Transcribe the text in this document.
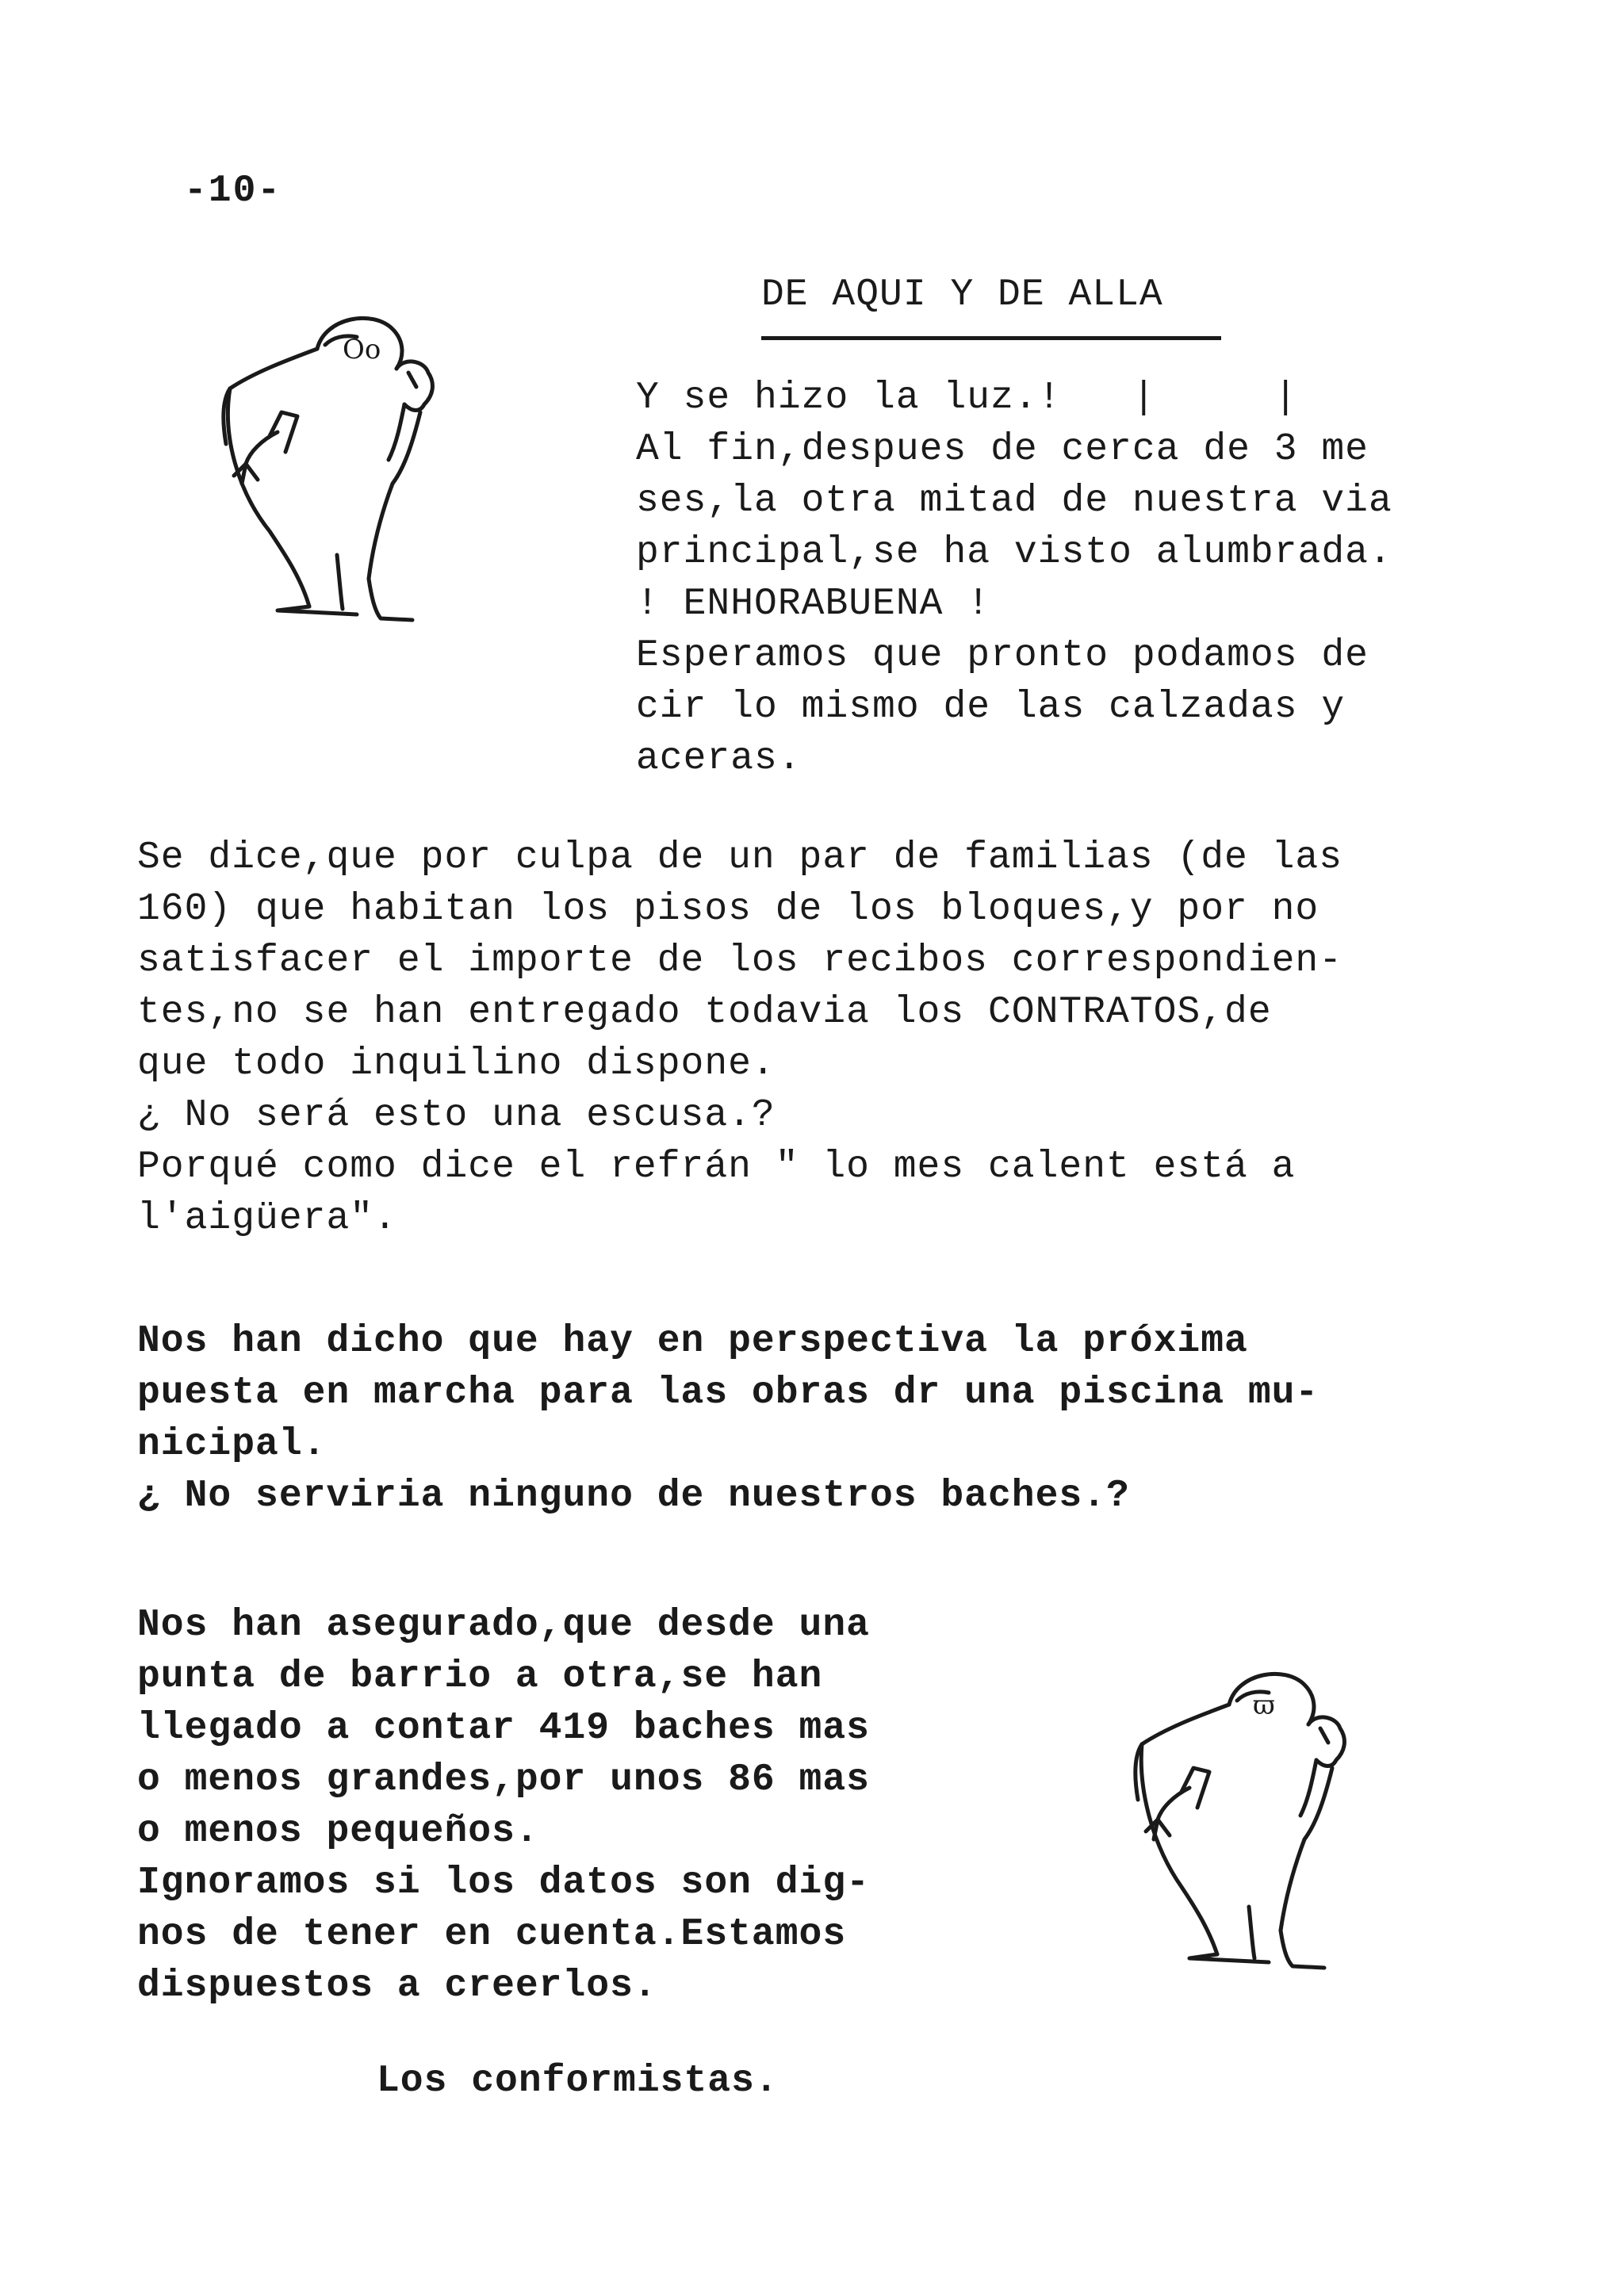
-10-
DE AQUI Y DE ALLA
Oo
Y se hizo la luz.!   |     |
Al fin,despues de cerca de 3 me
ses,la otra mitad de nuestra via
principal,se ha visto alumbrada.
! ENHORABUENA !
Esperamos que pronto podamos de
cir lo mismo de las calzadas y
aceras.
Se dice,que por culpa de un par de familias (de las
160) que habitan los pisos de los bloques,y por no
satisfacer el importe de los recibos correspondien-
tes,no se han entregado todavia los CONTRATOS,de
que todo inquilino dispone.
¿ No será esto una escusa.?
Porqué como dice el refrán " lo mes calent está a
l'aigüera".
Nos han dicho que hay en perspectiva la próxima
puesta en marcha para las obras dr una piscina mu-
nicipal.
¿ No serviria ninguno de nuestros baches.?
Nos han asegurado,que desde una
punta de barrio a otra,se han
llegado a contar 419 baches mas
o menos grandes,por unos 86 mas
o menos pequeños.
Ignoramos si los datos son dig-
nos de tener en cuenta.Estamos
dispuestos a creerlos.
ϖ
Los conformistas.
